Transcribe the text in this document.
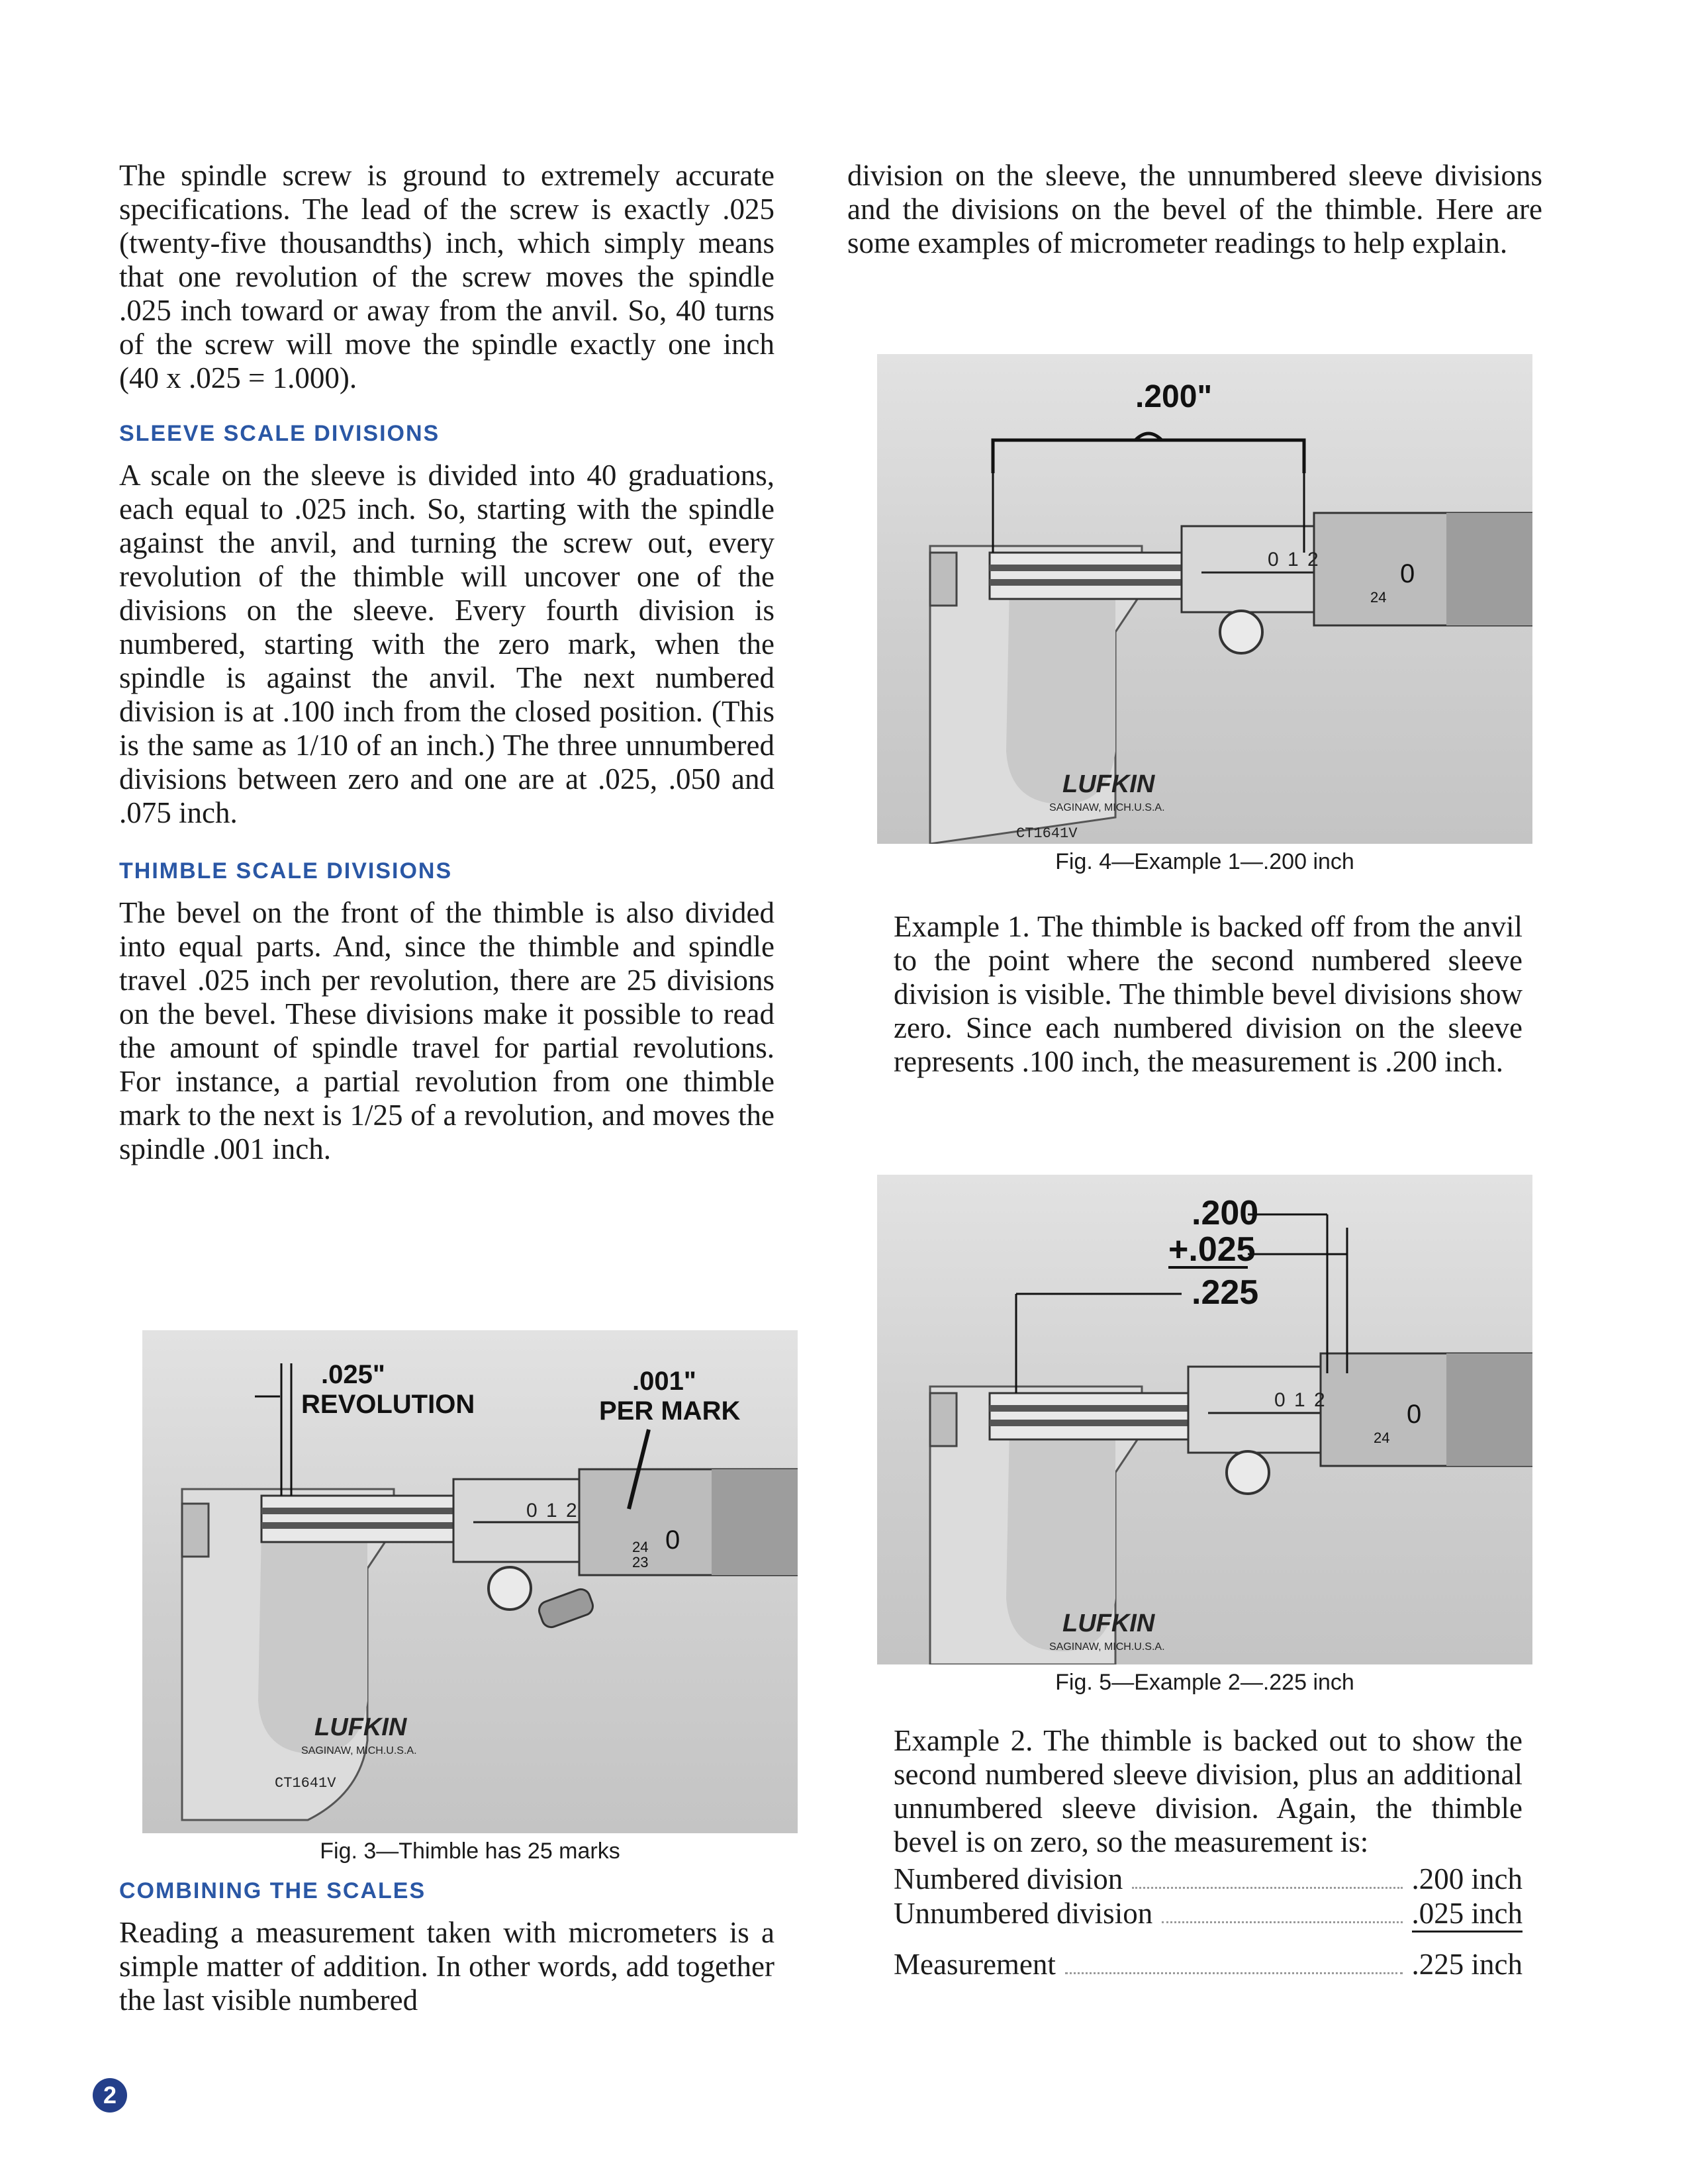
The spindle screw is ground to extremely accurate specifications. The lead of the screw is exactly .025 (twenty-five thousandths) inch, which simply means that one revolution of the screw moves the spindle .025 inch toward or away from the anvil. So, 40 turns of the screw will move the spindle exactly one inch (40 x .025 = 1.000).

SLEEVE SCALE DIVISIONS

A scale on the sleeve is divided into 40 graduations, each equal to .025 inch. So, starting with the spindle against the anvil, and turning the screw out, every revolution of the thimble will uncover one of the divisions on the sleeve. Every fourth division is numbered, starting with the zero mark, when the spindle is against the anvil. The next numbered division is at .100 inch from the closed position. (This is the same as 1/10 of an inch.) The three unnumbered divisions between zero and one are at .025, .050 and .075 inch.

THIMBLE SCALE DIVISIONS

The bevel on the front of the thimble is also divided into equal parts. And, since the thimble and spindle travel .025 inch per revolution, there are 25 divisions on the bevel. These divisions make it possible to read the amount of spindle travel for partial revolutions. For instance, a partial revolution from one thimble mark to the next is 1/25 of a revolution, and moves the spindle .001 inch.

0 1 2
0
24
23
LUFKIN
SAGINAW, MICH.U.S.A.
CT1641V
.025"
REVOLUTION
.001"
PER MARK
Fig. 3—Thimble has 25 marks
COMBINING THE SCALES

Reading a measurement taken with micrometers is a simple matter of addition. In other words, add together the last visible numbered

division on the sleeve, the unnumbered sleeve divisions and the divisions on the bevel of the thimble. Here are some examples of micrometer readings to help explain.

0 1 2	0
24
LUFKIN
SAGINAW, MICH.U.S.A.
CT1641V
.200"
Fig. 4—Example 1—.200 inch

Example 1. The thimble is backed off from the anvil to the point where the second numbered sleeve division is visible. The thimble bevel divisions show zero. Since each numbered division on the sleeve represents .100 inch, the measurement is .200 inch.

0 1 2	0
24
LUFKIN
SAGINAW, MICH.U.S.A.
.200
+.025
.225
Fig. 5—Example 2—.225 inch

Example 2. The thimble is backed out to show the second numbered sleeve division, plus an additional unnumbered sleeve division. Again, the thimble bevel is on zero, so the measurement is:

Numbered division	.200 inch
Unnumbered division	.025 inch
Measurement	.225 inch
2
